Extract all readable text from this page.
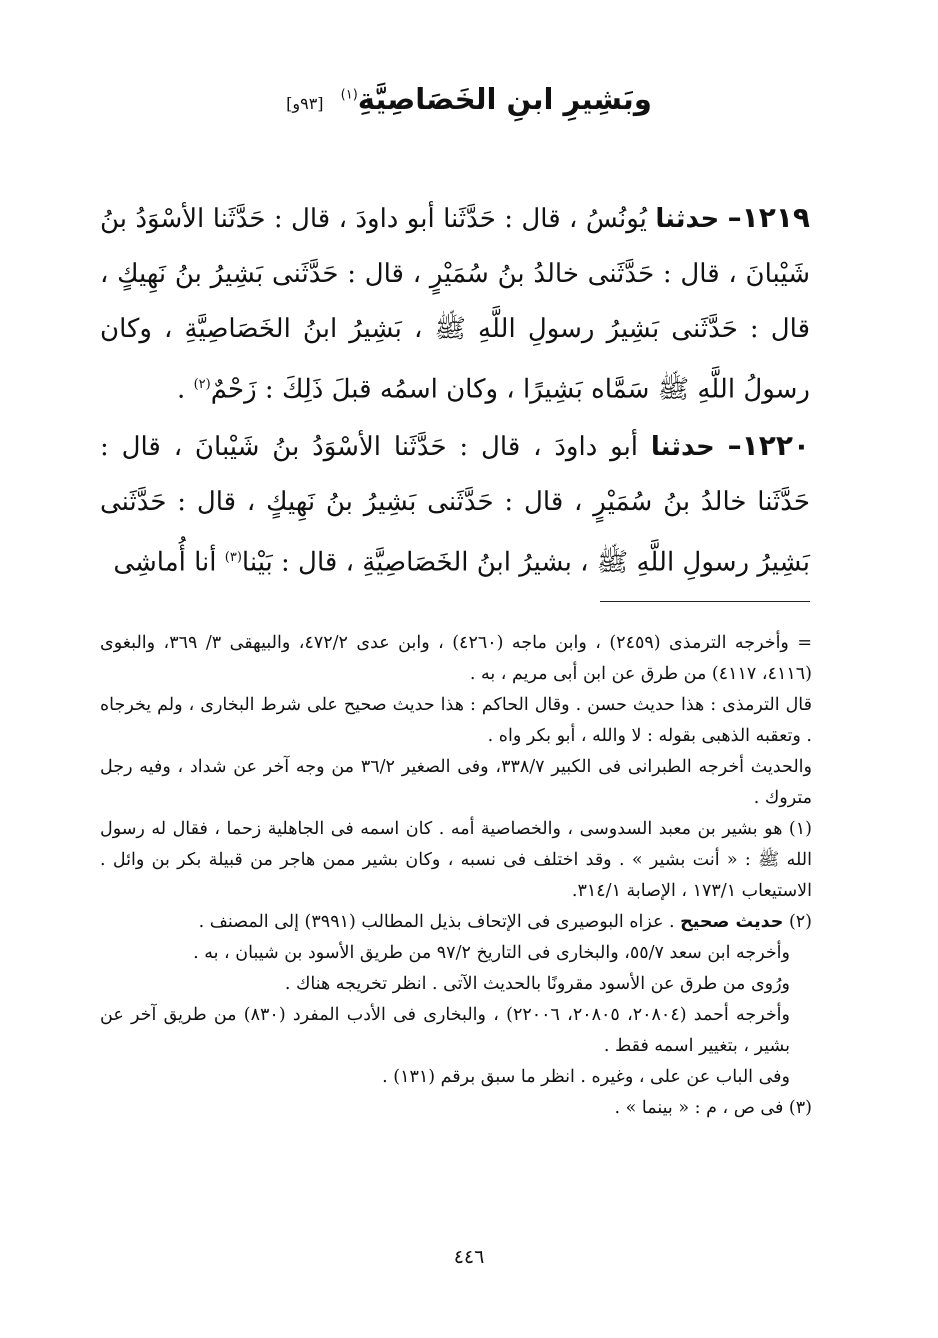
وبَشِيرِ ابنِ الخَصَاصِيَّةِ$^{(١)}$ [٩٣و]
١٢١٩– حدثنا يُونُسُ ، قال : حَدَّثَنا أبو داودَ ، قال : حَدَّثَنا الأسْوَدُ بنُ شَيْبانَ ، قال : حَدَّثَنى خالدُ بنُ سُمَيْرٍ ، قال : حَدَّثَنى بَشِيرُ بنُ نَهِيكٍ ، قال : حَدَّثَنى بَشِيرُ رسولِ اللَّهِ ﷺ ، بَشِيرُ ابنُ الخَصَاصِيَّةِ ، وكان رسولُ اللَّهِ ﷺ سَمَّاه بَشِيرًا ، وكان اسمُه قبلَ ذَلِكَ : زَحْمٌ$^{(٢)}$ .
١٢٢٠– حدثنا أبو داودَ ، قال : حَدَّثَنا الأسْوَدُ بنُ شَيْبانَ ، قال : حَدَّثَنا خالدُ بنُ سُمَيْرٍ ، قال : حَدَّثَنى بَشِيرُ بنُ نَهِيكٍ ، قال : حَدَّثَنى بَشِيرُ رسولِ اللَّهِ ﷺ ، بشيرُ ابنُ الخَصَاصِيَّةِ ، قال : بَيْنا$^{(٣)}$ أنا أُماشِى

= وأخرجه الترمذى (٢٤٥٩) ، وابن ماجه (٤٢٦٠) ، وابن عدى ٤٧٢/٢، والبيهقى ٣/ ٣٦٩، والبغوى (٤١١٦، ٤١١٧) من طرق عن ابن أبى مريم ، به .

قال الترمذى : هذا حديث حسن . وقال الحاكم : هذا حديث صحيح على شرط البخارى ، ولم يخرجاه . وتعقبه الذهبى بقوله : لا والله ، أبو بكر واه .

والحديث أخرجه الطبرانى فى الكبير ٣٣٨/٧، وفى الصغير ٣٦/٢ من وجه آخر عن شداد ، وفيه رجل متروك .

(١) هو بشير بن معبد السدوسى ، والخصاصية أمه . كان اسمه فى الجاهلية زحما ، فقال له رسول الله ﷺ : « أنت بشير » . وقد اختلف فى نسبه ، وكان بشير ممن هاجر من قبيلة بكر بن وائل . الاستيعاب ١٧٣/١ ، الإصابة ٣١٤/١.

(٢) حديث صحيح . عزاه البوصيرى فى الإتحاف بذيل المطالب (٣٩٩١) إلى المصنف .

وأخرجه ابن سعد ٥٥/٧، والبخارى فى التاريخ ٩٧/٢ من طريق الأسود بن شيبان ، به .

ورُوى من طرق عن الأسود مقرونًا بالحديث الآتى . انظر تخريجه هناك .

وأخرجه أحمد (٢٠٨٠٤، ٢٠٨٠٥، ٢٢٠٠٦) ، والبخارى فى الأدب المفرد (٨٣٠) من طريق آخر عن بشير ، بتغيير اسمه فقط .

وفى الباب عن على ، وغيره . انظر ما سبق برقم (١٣١) .

(٣) فى ص ، م : « بينما » .

٤٤٦
